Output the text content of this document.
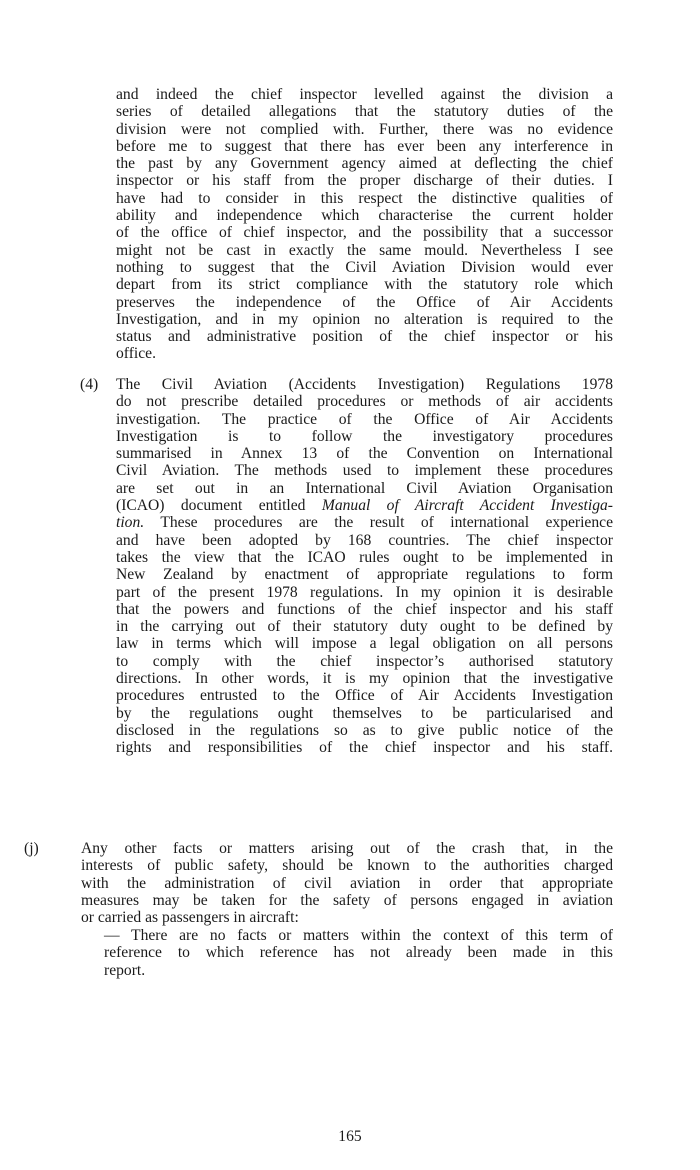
and indeed the chief inspector levelled against the division a
series of detailed allegations that the statutory duties of the
division were not complied with. Further, there was no evidence
before me to suggest that there has ever been any interference in
the past by any Government agency aimed at deflecting the chief
inspector or his staff from the proper discharge of their duties. I
have had to consider in this respect the distinctive qualities of
ability and independence which characterise the current holder
of the office of chief inspector, and the possibility that a successor
might not be cast in exactly the same mould. Nevertheless I see
nothing to suggest that the Civil Aviation Division would ever
depart from its strict compliance with the statutory role which
preserves the independence of the Office of Air Accidents
Investigation, and in my opinion no alteration is required to the
status and administrative position of the chief inspector or his
office.
(4) The Civil Aviation (Accidents Investigation) Regulations 1978
do not prescribe detailed procedures or methods of air accidents
investigation. The practice of the Office of Air Accidents
Investigation is to follow the investigatory procedures
summarised in Annex 13 of the Convention on International
Civil Aviation. The methods used to implement these procedures
are set out in an International Civil Aviation Organisation
(ICAO) document entitled Manual of Aircraft Accident Investiga-
tion. These procedures are the result of international experience
and have been adopted by 168 countries. The chief inspector
takes the view that the ICAO rules ought to be implemented in
New Zealand by enactment of appropriate regulations to form
part of the present 1978 regulations. In my opinion it is desirable
that the powers and functions of the chief inspector and his staff
in the carrying out of their statutory duty ought to be defined by
law in terms which will impose a legal obligation on all persons
to comply with the chief inspector’s authorised statutory
directions. In other words, it is my opinion that the investigative
procedures entrusted to the Office of Air Accidents Investigation
by the regulations ought themselves to be particularised and
disclosed in the regulations so as to give public notice of the
rights and responsibilities of the chief inspector and his staff.
(j)	Any other facts or matters arising out of the crash that, in the
interests of public safety, should be known to the authorities charged
with the administration of civil aviation in order that appropriate
measures may be taken for the safety of persons engaged in aviation
or carried as passengers in aircraft:
— There are no facts or matters within the context of this term of
reference to which reference has not already been made in this
report.
165
